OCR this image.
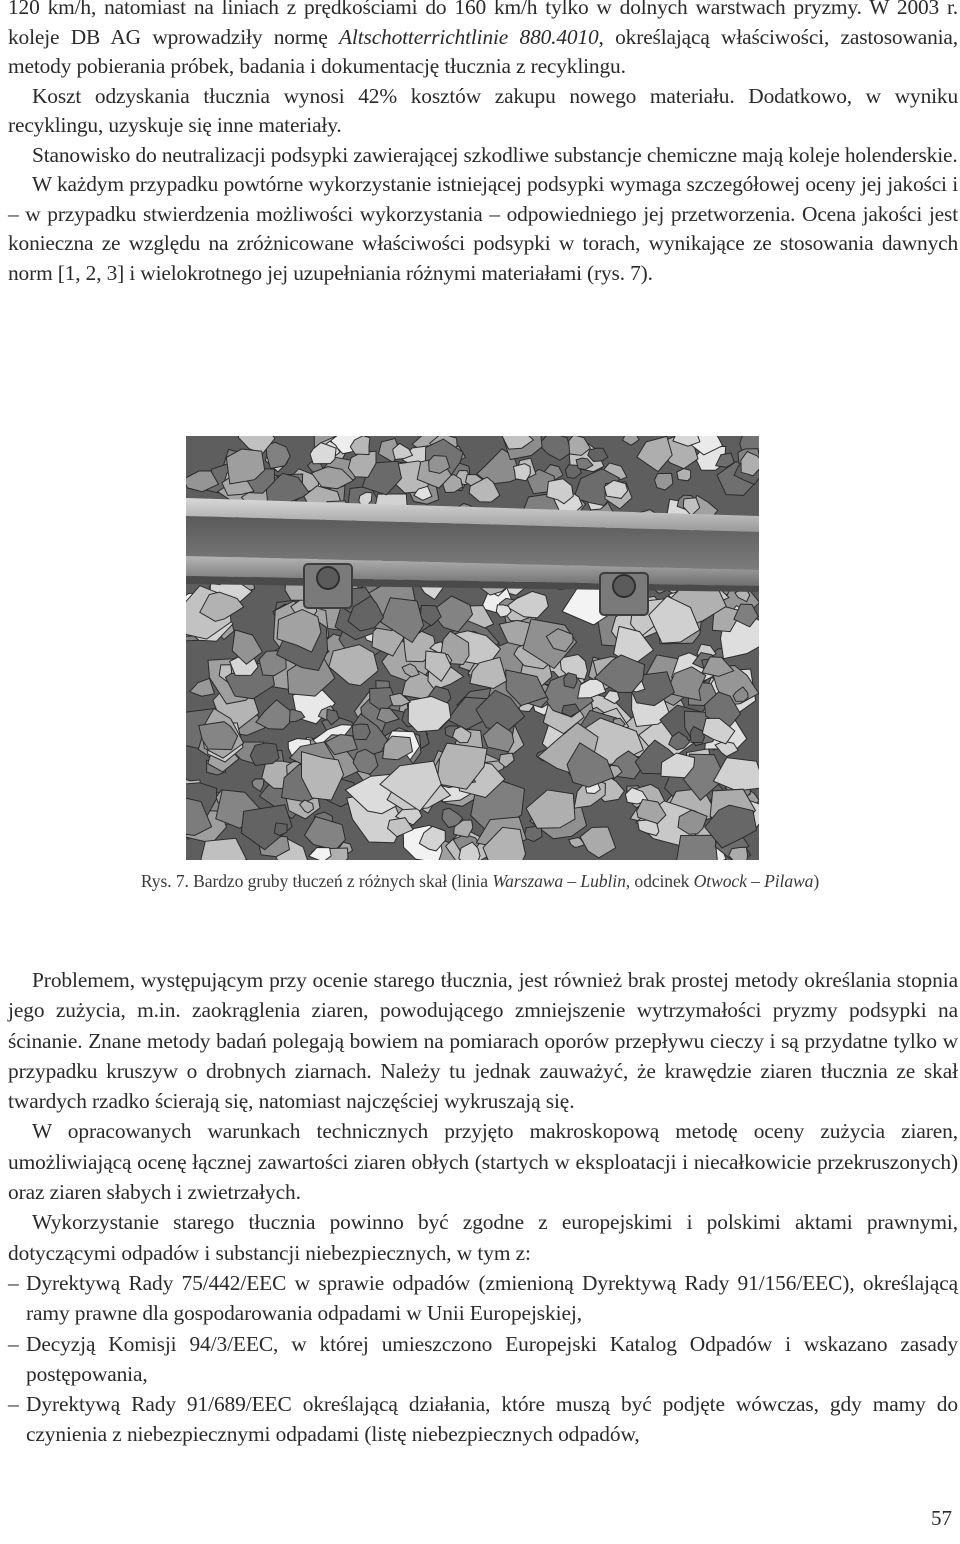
120 km/h, natomiast na liniach z prędkościami do 160 km/h tylko w dolnych warstwach pryzmy. W 2003 r. koleje DB AG wprowadziły normę Altschotterrichtlinie 880.4010, określającą właściwości, zastosowania, metody pobierania próbek, badania i dokumentację tłucznia z recyklingu.

Koszt odzyskania tłucznia wynosi 42% kosztów zakupu nowego materiału. Dodatkowo, w wyniku recyklingu, uzyskuje się inne materiały.

Stanowisko do neutralizacji podsypki zawierającej szkodliwe substancje chemiczne mają koleje holenderskie.

W każdym przypadku powtórne wykorzystanie istniejącej podsypki wymaga szczegółowej oceny jej jakości i – w przypadku stwierdzenia możliwości wykorzystania – odpowiedniego jej przetworzenia. Ocena jakości jest konieczna ze względu na zróżnicowane właściwości podsypki w torach, wynikające ze stosowania dawnych norm [1, 2, 3] i wielokrotnego jej uzupełniania różnymi materiałami (rys. 7).

Rys. 7. Bardzo gruby tłuczeń z różnych skał (linia Warszawa – Lublin, odcinek Otwock – Pilawa)

Problemem, występującym przy ocenie starego tłucznia, jest również brak prostej metody określania stopnia jego zużycia, m.in. zaokrąglenia ziaren, powodującego zmniejszenie wytrzymałości pryzmy podsypki na ścinanie. Znane metody badań polegają bowiem na pomiarach oporów przepływu cieczy i są przydatne tylko w przypadku kruszyw o drobnych ziarnach. Należy tu jednak zauważyć, że krawędzie ziaren tłucznia ze skał twardych rzadko ścierają się, natomiast najczęściej wykruszają się.

W opracowanych warunkach technicznych przyjęto makroskopową metodę oceny zużycia ziaren, umożliwiającą ocenę łącznej zawartości ziaren obłych (startych w eksploatacji i niecałkowicie przekruszonych) oraz ziaren słabych i zwietrzałych.

Wykorzystanie starego tłucznia powinno być zgodne z europejskimi i polskimi aktami prawnymi, dotyczącymi odpadów i substancji niebezpiecznych, w tym z:

– Dyrektywą Rady 75/442/EEC w sprawie odpadów (zmienioną Dyrektywą Rady 91/156/EEC), określającą ramy prawne dla gospodarowania odpadami w Unii Europejskiej,
– Decyzją Komisji 94/3/EEC, w której umieszczono Europejski Katalog Odpadów i wskazano zasady postępowania,
– Dyrektywą Rady 91/689/EEC określającą działania, które muszą być podjęte wówczas, gdy mamy do czynienia z niebezpiecznymi odpadami (listę niebezpiecznych odpadów,
57
